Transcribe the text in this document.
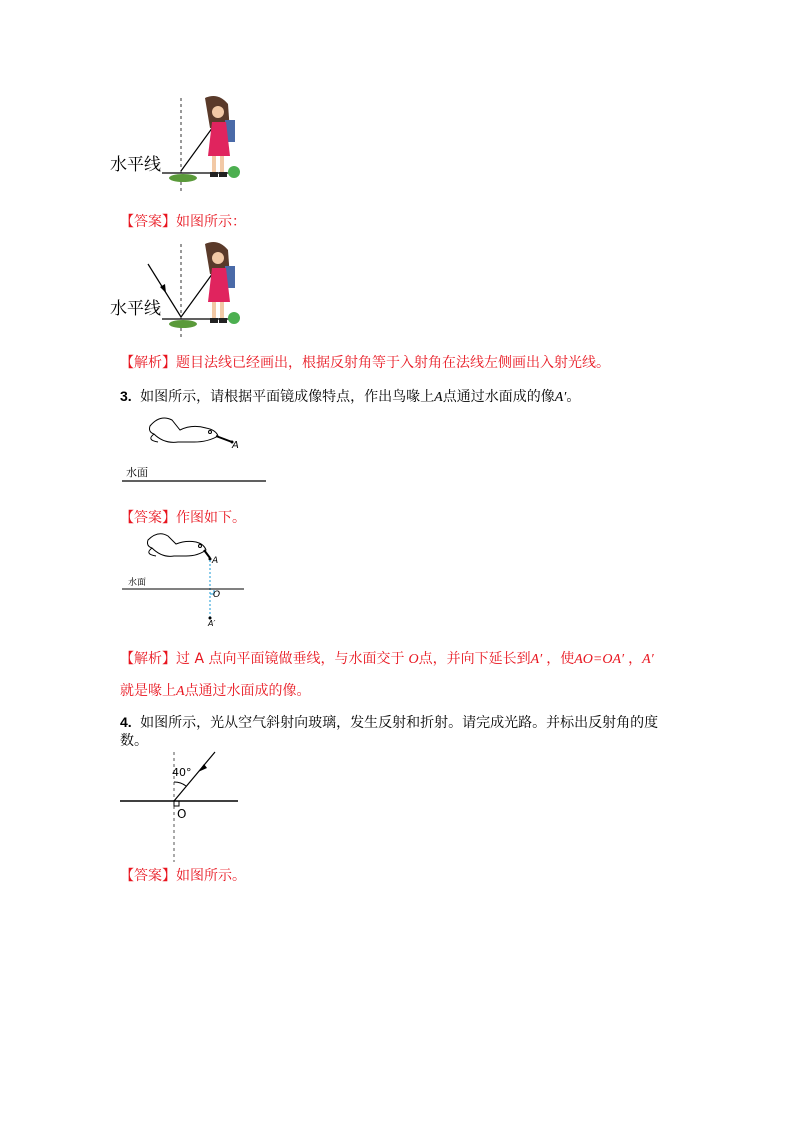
水平线
【答案】如图所示：
水平线
【解析】题目法线已经画出，根据反射角等于入射角在法线左侧画出入射光线。
3. 如图所示，请根据平面镜成像特点，作出鸟喙上A点通过水面成的像A′。
A
水面
【答案】作图如下。
A
水面
O
A′
【解析】过 A 点向平面镜做垂线，与水面交于 O点，并向下延长到A′ ，使AO=OA′ ，A′
就是喙上A点通过水面成的像。
4. 如图所示，光从空气斜射向玻璃，发生反射和折射。请完成光路。并标出反射角的度
数。
40°
O
【答案】如图所示。
